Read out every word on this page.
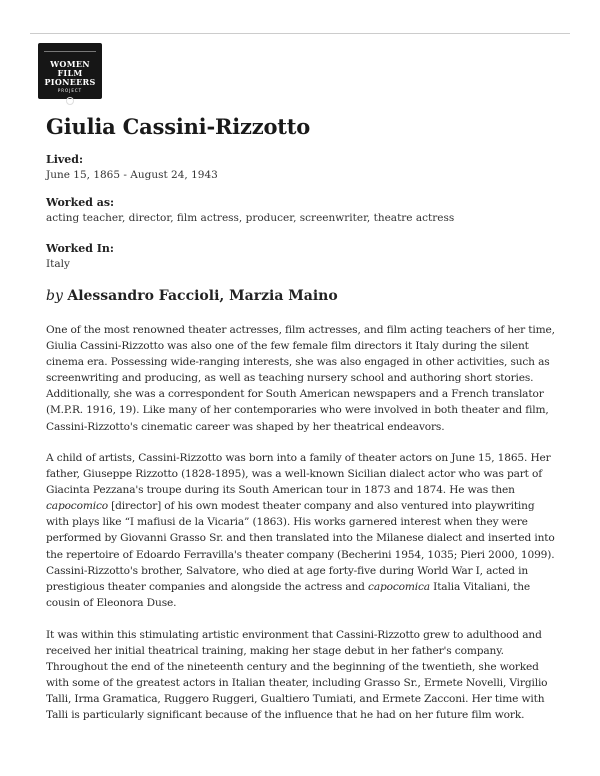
WOMEN
FILM PIONEERS
PROJECT
Giulia Cassini-Rizzotto
Lived:
June 15, 1865 - August 24, 1943
Worked as:
acting teacher, director, film actress, producer, screenwriter, theatre actress
Worked In:
Italy
by Alessandro Faccioli, Marzia Maino

One of the most renowned theater actresses, film actresses, and film acting teachers of her time,
Giulia Cassini-Rizzotto was also one of the few female film directors it Italy during the silent
cinema era. Possessing wide-ranging interests, she was also engaged in other activities, such as
screenwriting and producing, as well as teaching nursery school and authoring short stories.
Additionally, she was a correspondent for South American newspapers and a French translator
(M.P.R. 1916, 19). Like many of her contemporaries who were involved in both theater and film,
Cassini-Rizzotto's cinematic career was shaped by her theatrical endeavors.

A child of artists, Cassini-Rizzotto was born into a family of theater actors on June 15, 1865. Her
father, Giuseppe Rizzotto (1828-1895), was a well-known Sicilian dialect actor who was part of
Giacinta Pezzana's troupe during its South American tour in 1873 and 1874. He was then
capocomico [director] of his own modest theater company and also ventured into playwriting
with plays like “I mafiusi de la Vicaria” (1863). His works garnered interest when they were
performed by Giovanni Grasso Sr. and then translated into the Milanese dialect and inserted into
the repertoire of Edoardo Ferravilla's theater company (Becherini 1954, 1035; Pieri 2000, 1099).
Cassini-Rizzotto's brother, Salvatore, who died at age forty-five during World War I, acted in
prestigious theater companies and alongside the actress and capocomica Italia Vitaliani, the
cousin of Eleonora Duse.

It was within this stimulating artistic environment that Cassini-Rizzotto grew to adulthood and
received her initial theatrical training, making her stage debut in her father's company.
Throughout the end of the nineteenth century and the beginning of the twentieth, she worked
with some of the greatest actors in Italian theater, including Grasso Sr., Ermete Novelli, Virgilio
Talli, Irma Gramatica, Ruggero Ruggeri, Gualtiero Tumiati, and Ermete Zacconi. Her time with
Talli is particularly significant because of the influence that he had on her future film work.
